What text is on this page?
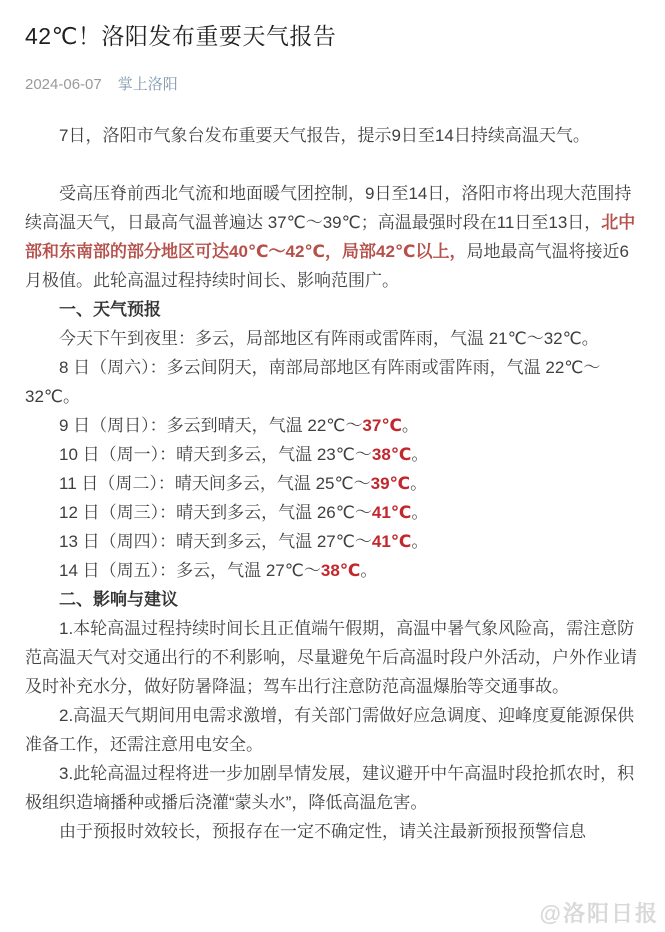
42℃！洛阳发布重要天气报告
2024-06-07 掌上洛阳

7日，洛阳市气象台发布重要天气报告，提示9日至14日持续高温天气。

受高压脊前西北气流和地面暖气团控制，9日至14日，洛阳市将出现大范围持续高温天气，日最高气温普遍达 37℃～39℃；高温最强时段在11日至13日，北中部和东南部的部分地区可达40℃～42℃，局部42℃以上，局地最高气温将接近6月极值。此轮高温过程持续时间长、影响范围广。

一、天气预报

今天下午到夜里：多云，局部地区有阵雨或雷阵雨，气温 21℃～32℃。

8 日（周六）：多云间阴天，南部局部地区有阵雨或雷阵雨，气温 22℃～32℃。

9 日（周日）：多云到晴天，气温 22℃～37℃。

10 日（周一）：晴天到多云，气温 23℃～38℃。

11 日（周二）：晴天间多云，气温 25℃～39℃。

12 日（周三）：晴天到多云，气温 26℃～41℃。

13 日（周四）：晴天到多云，气温 27℃～41℃。

14 日（周五）：多云，气温 27℃～38℃。

二、影响与建议

1.本轮高温过程持续时间长且正值端午假期，高温中暑气象风险高，需注意防范高温天气对交通出行的不利影响，尽量避免午后高温时段户外活动，户外作业请及时补充水分，做好防暑降温；驾车出行注意防范高温爆胎等交通事故。

2.高温天气期间用电需求激增，有关部门需做好应急调度、迎峰度夏能源保供准备工作，还需注意用电安全。

3.此轮高温过程将进一步加剧旱情发展，建议避开中午高温时段抢抓农时，积极组织造墒播种或播后浇灌“蒙头水”，降低高温危害。

由于预报时效较长，预报存在一定不确定性，请关注最新预报预警信息

@洛阳日报
